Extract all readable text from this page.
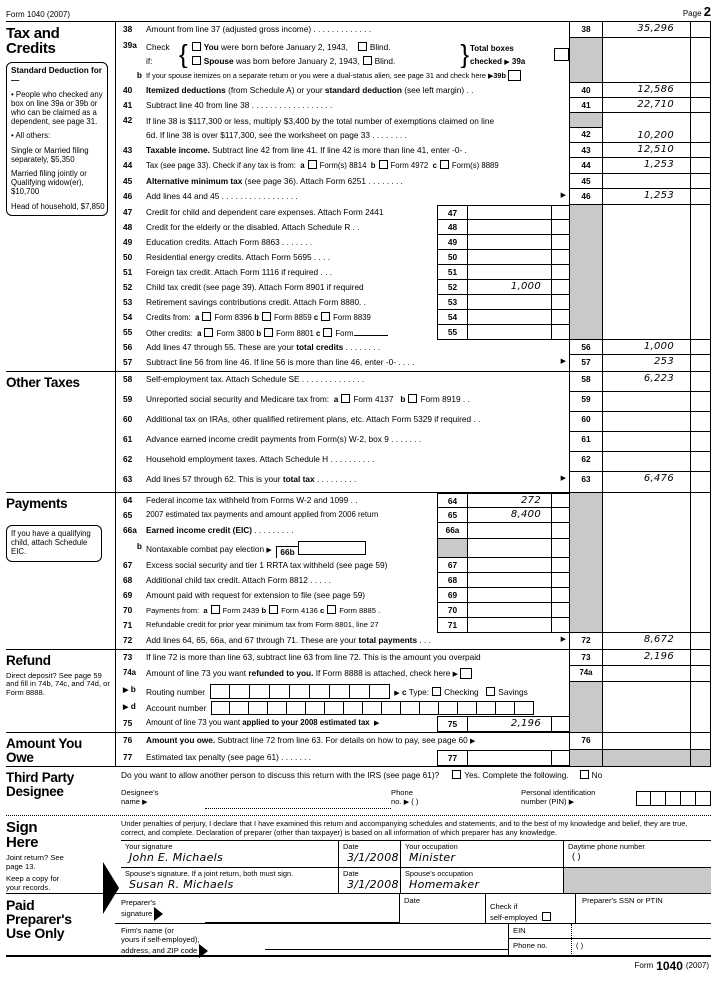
Form 1040 (2007)	Page 2
Tax and Credits
Standard Deduction for—

• People who checked any box on line 39a or 39b or who can be claimed as a dependent, see page 31.

• All others:

Single or Married filing separately, $5,350

Married filing jointly or Qualifying widow(er), $10,700

Head of household, $7,850

38	Amount from line 37 (adjusted gross income) . . . . . . . . . . . . .	38	35,296
39a	Check
if:	{	You were born before January 2, 1943,	Blind.
Spouse was born before January 2, 1943, Blind.	} Total boxes
checked ▶ 39a
b If your spouse itemizes on a separate return or you were a dual-status alien, see page 31 and check here ▶39b
40	Itemized deductions (from Schedule A) or your standard deduction (see left margin) . .	40	12,586
41	Subtract line 40 from line 38 . . . . . . . . . . . . . . . . . .	41	22,710
42	If line 38 is $117,300 or less, multiply $3,400 by the total number of exemptions claimed on line
6d. If line 38 is over $117,300, see the worksheet on page 33 . . . . . . . .	42	10,200
43	Taxable income. Subtract line 42 from line 41. If line 42 is more than line 41, enter -0- .	43	12,510
44	Tax (see page 33). Check if any tax is from: a Form(s) 8814 b Form 4972 c Form(s) 8889	44	1,253
45	Alternative minimum tax (see page 36). Attach Form 6251 . . . . . . . .	45
46	Add lines 44 and 45 . . . . . . . . . . . . . . . . .	▶	46	1,253
47	Credit for child and dependent care expenses. Attach Form 2441	47
48	Credit for the elderly or the disabled. Attach Schedule R . .	48
49	Education credits. Attach Form 8863 . . . . . . .	49
50	Residential energy credits. Attach Form 5695 . . . .	50
51	Foreign tax credit. Attach Form 1116 if required . . .	51
52	Child tax credit (see page 39). Attach Form 8901 if required	52	1,000
53	Retirement savings contributions credit. Attach Form 8880. .	53
54	Credits from: a Form 8396 b Form 8859 c Form 8839	54
55	Other credits: a Form 3800 b Form 8801 c Form	55
56	Add lines 47 through 55. These are your total credits . . . . . . . .	56	1,000
57	Subtract line 56 from line 46. If line 56 is more than line 46, enter -0- . . . .	▶	57	253
Other Taxes	58	Self-employment tax. Attach Schedule SE . . . . . . . . . . . . . .	58	6,223
59	Unreported social security and Medicare tax from: a Form 4137 b Form 8919 . .	59
60	Additional tax on IRAs, other qualified retirement plans, etc. Attach Form 5329 if required . .	60
61	Advance earned income credit payments from Form(s) W-2, box 9 . . . . . . .	61
62	Household employment taxes. Attach Schedule H . . . . . . . . . .	62
63	Add lines 57 through 62. This is your total tax . . . . . . . . .	▶	63	6,476
Payments
If you have a qualifying child, attach Schedule EIC.
64	Federal income tax withheld from Forms W-2 and 1099 . .	64	272
65	2007 estimated tax payments and amount applied from 2006 return	65	8,400
66a	Earned income credit (EIC) . . . . . . . . .	66a
b Nontaxable combat pay election ▶ 66b
67	Excess social security and tier 1 RRTA tax withheld (see page 59)	67
68	Additional child tax credit. Attach Form 8812 . . . . .	68
69	Amount paid with request for extension to file (see page 59)	69
70	Payments from: a Form 2439 b Form 4136 c Form 8885 .	70
71	Refundable credit for prior year minimum tax from Form 8801, line 27	71
72	Add lines 64, 65, 66a, and 67 through 71. These are your total payments . . .	▶	72	8,672
Refund
Direct deposit? See page 59 and fill in 74b, 74c, and 74d, or Form 8888.
73	If line 72 is more than line 63, subtract line 63 from line 72. This is the amount you overpaid	73	2,196
74a	Amount of line 73 you want refunded to you. If Form 8888 is attached, check here ▶	74a
▶ b	Routing number	▶ c Type: Checking Savings
▶ d	Account number
75	Amount of line 73 you want applied to your 2008 estimated tax ▶	75	2,196
Amount You Owe
76	Amount you owe. Subtract line 72 from line 63. For details on how to pay, see page 60 ▶	76
77	Estimated tax penalty (see page 61) . . . . . . .	77
Third Party Designee
Do you want to allow another person to discuss this return with the IRS (see page 61)?	Yes. Complete the following.	No
Designee's
name ▶
Phone
no. ▶ ( )
Personal identification
number (PIN) ▶
Sign Here
Joint return? See page 13.
Keep a copy for your records.
Under penalties of perjury, I declare that I have examined this return and accompanying schedules and statements, and to the best of my knowledge and belief, they are true, correct, and complete. Declaration of preparer (other than taxpayer) is based on all information of which preparer has any knowledge.
Your signature
John E. Michaels
Date
3/1/2008
Your occupation
Minister
Daytime phone number
( )
Spouse's signature. If a joint return, both must sign.
Susan R. Michaels
Date
3/1/2008
Spouse's occupation
Homemaker
Paid Preparer's Use Only
Preparer's
signature
Date
Check if
self-employed
Preparer's SSN or PTIN
Firm's name (or
yours if self-employed),
address, and ZIP code
EIN
Phone no.	( )
Form 1040 (2007)
